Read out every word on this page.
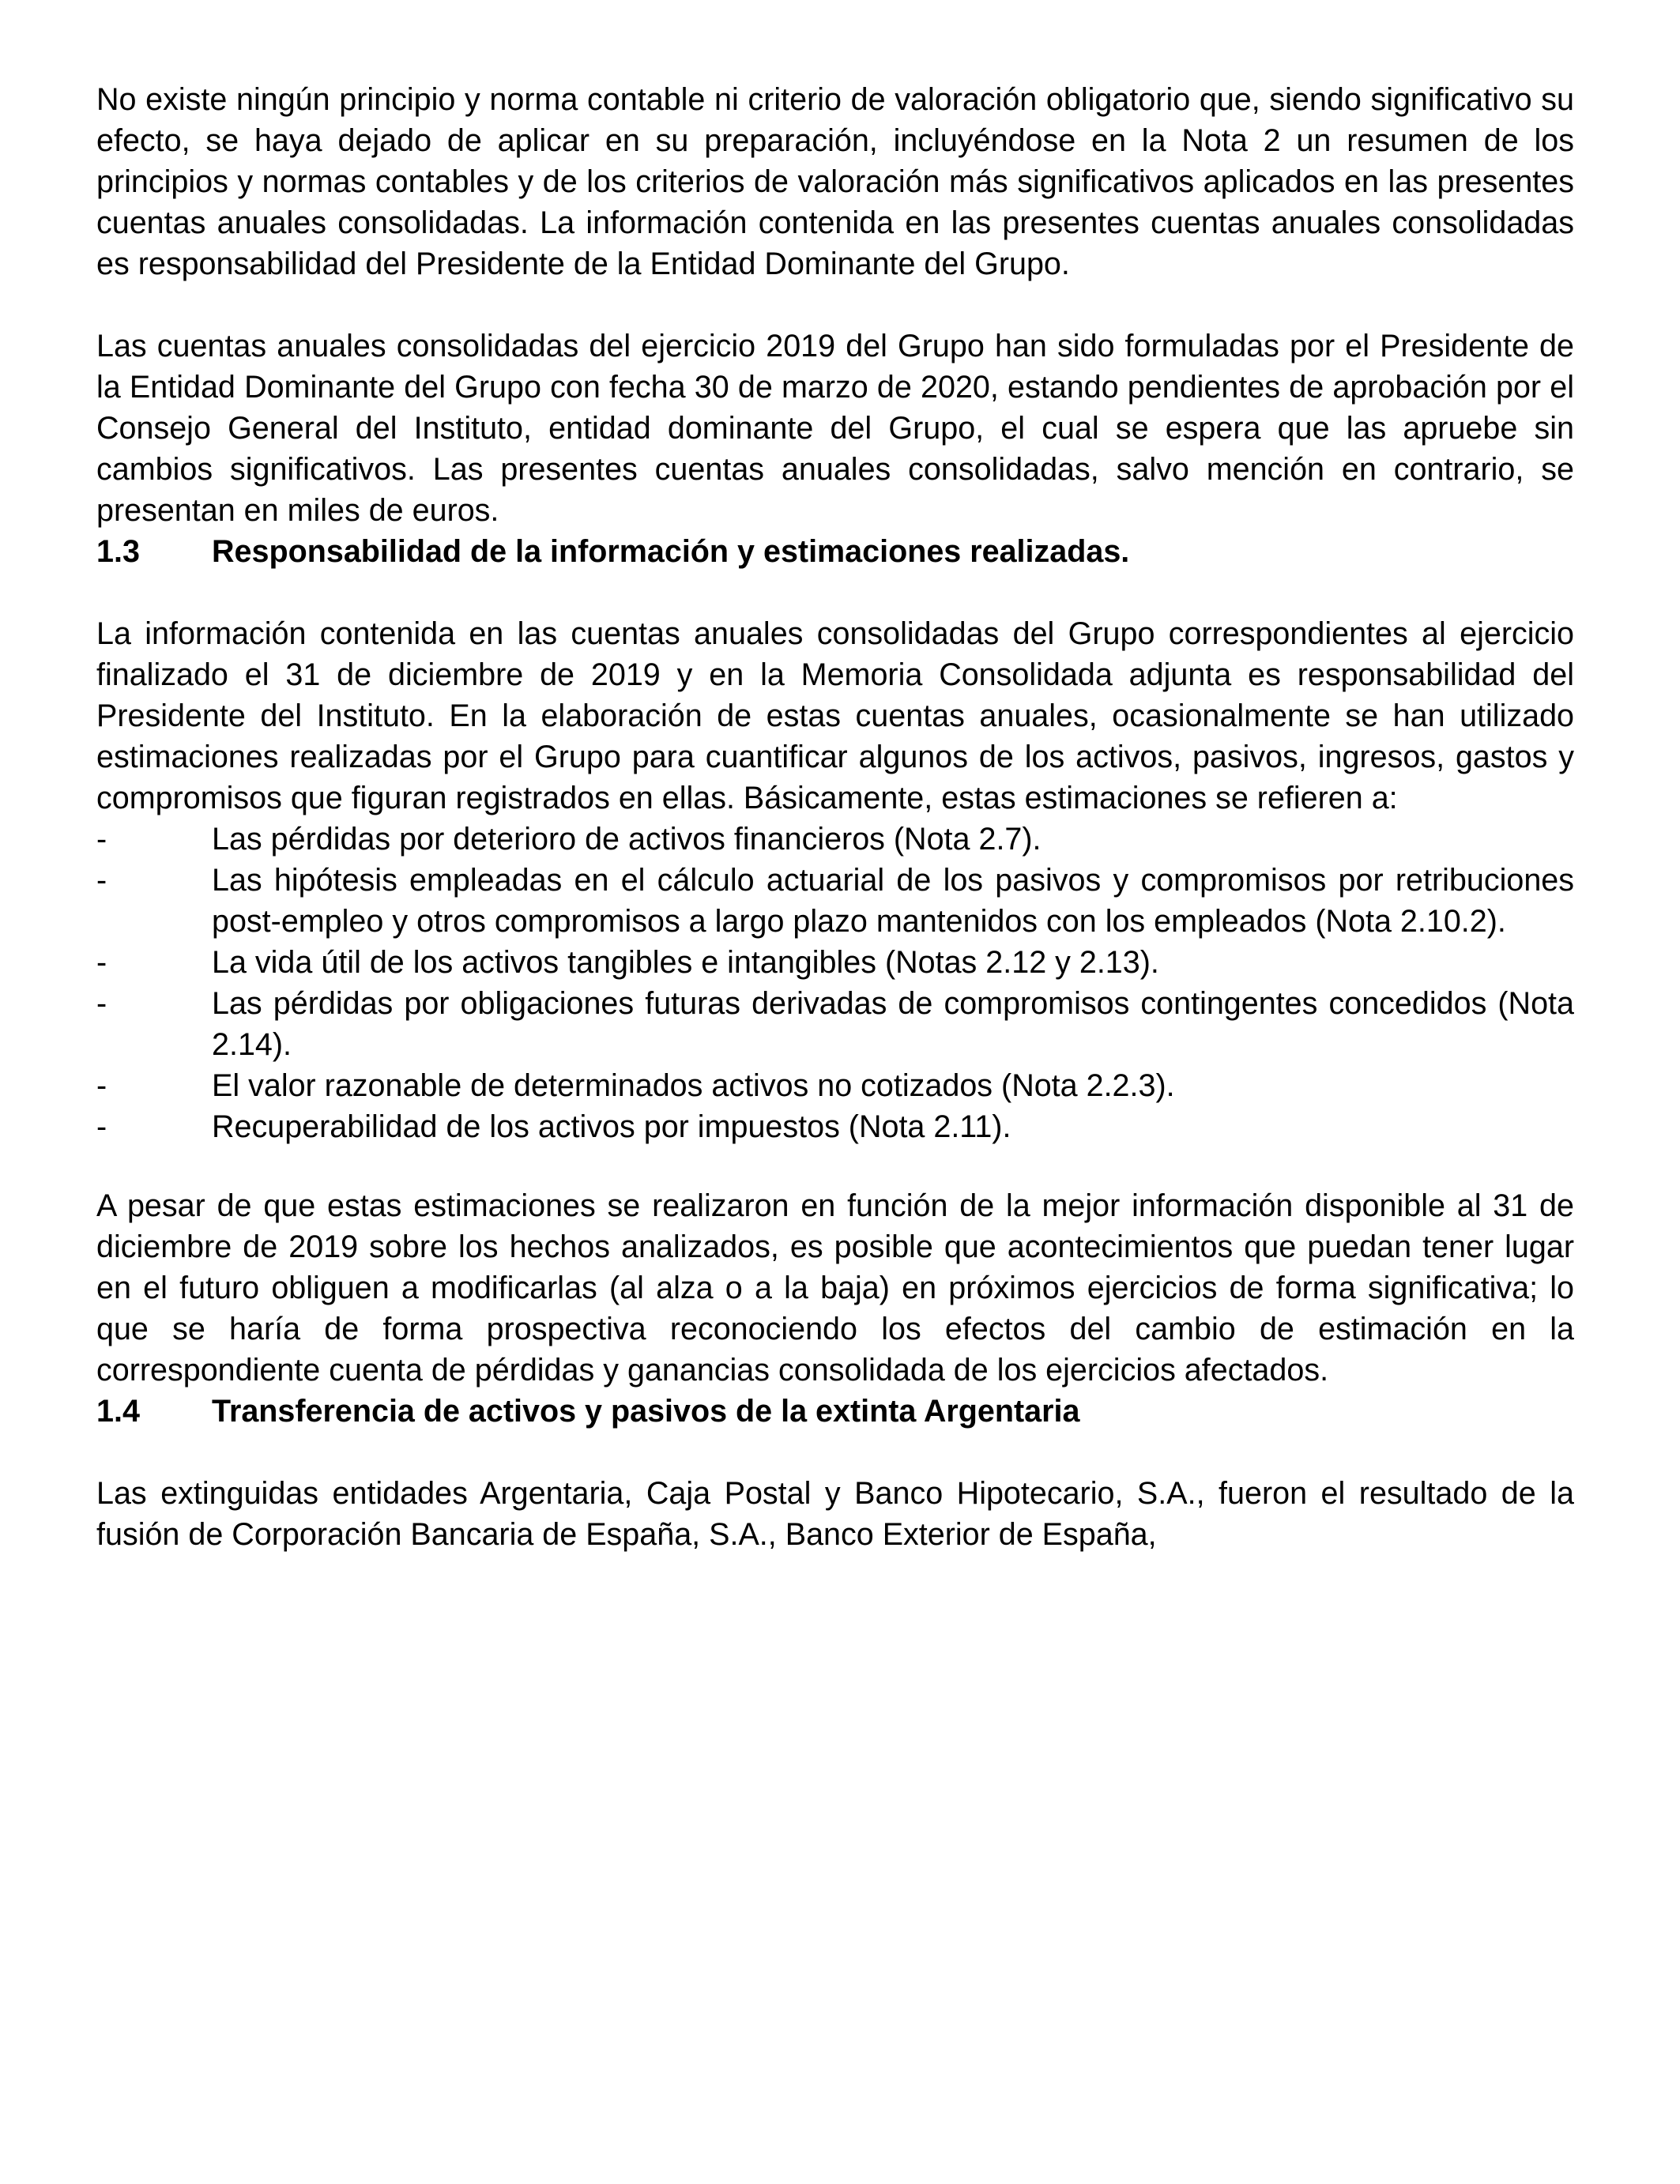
No existe ningún principio y norma contable ni criterio de valoración obligatorio que, siendo significativo su efecto, se haya dejado de aplicar en su preparación, incluyéndose en la Nota 2 un resumen de los principios y normas contables y de los criterios de valoración más significativos aplicados en las presentes cuentas anuales consolidadas. La información contenida en las presentes cuentas anuales consolidadas es responsabilidad del Presidente de la Entidad Dominante del Grupo.

Las cuentas anuales consolidadas del ejercicio 2019 del Grupo han sido formuladas por el Presidente de la Entidad Dominante del Grupo con fecha 30 de marzo de 2020, estando pendientes de aprobación por el Consejo General del Instituto, entidad dominante del Grupo, el cual se espera que las apruebe sin cambios significativos. Las presentes cuentas anuales consolidadas, salvo mención en contrario, se presentan en miles de euros.

1.3	Responsabilidad de la información y estimaciones realizadas.

La información contenida en las cuentas anuales consolidadas del Grupo correspondientes al ejercicio finalizado el 31 de diciembre de 2019 y en la Memoria Consolidada adjunta es responsabilidad del Presidente del Instituto. En la elaboración de estas cuentas anuales, ocasionalmente se han utilizado estimaciones realizadas por el Grupo para cuantificar algunos de los activos, pasivos, ingresos, gastos y compromisos que figuran registrados en ellas. Básicamente, estas estimaciones se refieren a:

-	Las pérdidas por deterioro de activos financieros (Nota 2.7).
-	Las hipótesis empleadas en el cálculo actuarial de los pasivos y compromisos por retribuciones post-empleo y otros compromisos a largo plazo mantenidos con los empleados (Nota 2.10.2).
-	La vida útil de los activos tangibles e intangibles (Notas 2.12 y 2.13).
-	Las pérdidas por obligaciones futuras derivadas de compromisos contingentes concedidos (Nota 2.14).
-	El valor razonable de determinados activos no cotizados (Nota 2.2.3).
-	Recuperabilidad de los activos por impuestos (Nota 2.11).

A pesar de que estas estimaciones se realizaron en función de la mejor información disponible al 31 de diciembre de 2019 sobre los hechos analizados, es posible que acontecimientos que puedan tener lugar en el futuro obliguen a modificarlas (al alza o a la baja) en próximos ejercicios de forma significativa; lo que se haría de forma prospectiva reconociendo los efectos del cambio de estimación en la correspondiente cuenta de pérdidas y ganancias consolidada de los ejercicios afectados.

1.4	Transferencia de activos y pasivos de la extinta Argentaria

Las extinguidas entidades Argentaria, Caja Postal y Banco Hipotecario, S.A., fueron el resultado de la fusión de Corporación Bancaria de España, S.A., Banco Exterior de España,
